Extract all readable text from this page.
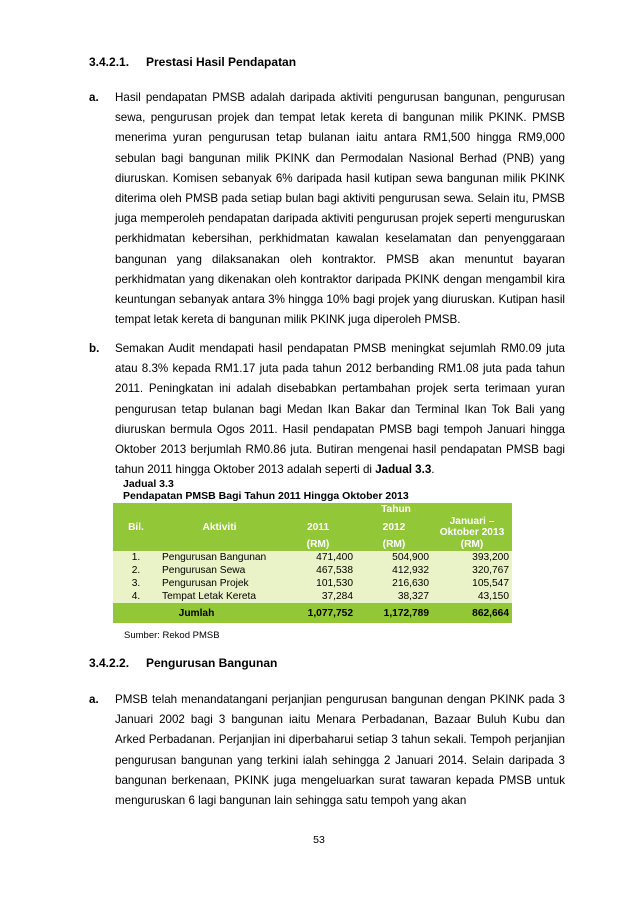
3.4.2.1. Prestasi Hasil Pendapatan
a. Hasil pendapatan PMSB adalah daripada aktiviti pengurusan bangunan, pengurusan sewa, pengurusan projek dan tempat letak kereta di bangunan milik PKINK. PMSB menerima yuran pengurusan tetap bulanan iaitu antara RM1,500 hingga RM9,000 sebulan bagi bangunan milik PKINK dan Permodalan Nasional Berhad (PNB) yang diuruskan. Komisen sebanyak 6% daripada hasil kutipan sewa bangunan milik PKINK diterima oleh PMSB pada setiap bulan bagi aktiviti pengurusan sewa. Selain itu, PMSB juga memperoleh pendapatan daripada aktiviti pengurusan projek seperti menguruskan perkhidmatan kebersihan, perkhidmatan kawalan keselamatan dan penyenggaraan bangunan yang dilaksanakan oleh kontraktor. PMSB akan menuntut bayaran perkhidmatan yang dikenakan oleh kontraktor daripada PKINK dengan mengambil kira keuntungan sebanyak antara 3% hingga 10% bagi projek yang diuruskan. Kutipan hasil tempat letak kereta di bangunan milik PKINK juga diperoleh PMSB.
b. Semakan Audit mendapati hasil pendapatan PMSB meningkat sejumlah RM0.09 juta atau 8.3% kepada RM1.17 juta pada tahun 2012 berbanding RM1.08 juta pada tahun 2011. Peningkatan ini adalah disebabkan pertambahan projek serta terimaan yuran pengurusan tetap bulanan bagi Medan Ikan Bakar dan Terminal Ikan Tok Bali yang diuruskan bermula Ogos 2011. Hasil pendapatan PMSB bagi tempoh Januari hingga Oktober 2013 berjumlah RM0.86 juta. Butiran mengenai hasil pendapatan PMSB bagi tahun 2011 hingga Oktober 2013 adalah seperti di Jadual 3.3.
Jadual 3.3
Pendapatan PMSB Bagi Tahun 2011 Hingga Oktober 2013
Bil.	Aktiviti	Tahun		
		2011	2012	Januari – Oktober 2013
		(RM)	(RM)	(RM)
1.	Pengurusan Bangunan	471,400	504,900	393,200
2.	Pengurusan Sewa	467,538	412,932	320,767
3.	Pengurusan Projek	101,530	216,630	105,547
4.	Tempat Letak Kereta	37,284	38,327	43,150
Jumlah		1,077,752	1,172,789	862,664
Sumber: Rekod PMSB
3.4.2.2. Pengurusan Bangunan
a. PMSB telah menandatangani perjanjian pengurusan bangunan dengan PKINK pada 3 Januari 2002 bagi 3 bangunan iaitu Menara Perbadanan, Bazaar Buluh Kubu dan Arked Perbadanan. Perjanjian ini diperbaharui setiap 3 tahun sekali. Tempoh perjanjian pengurusan bangunan yang terkini ialah sehingga 2 Januari 2014. Selain daripada 3 bangunan berkenaan, PKINK juga mengeluarkan surat tawaran kepada PMSB untuk menguruskan 6 lagi bangunan lain sehingga satu tempoh yang akan
53
